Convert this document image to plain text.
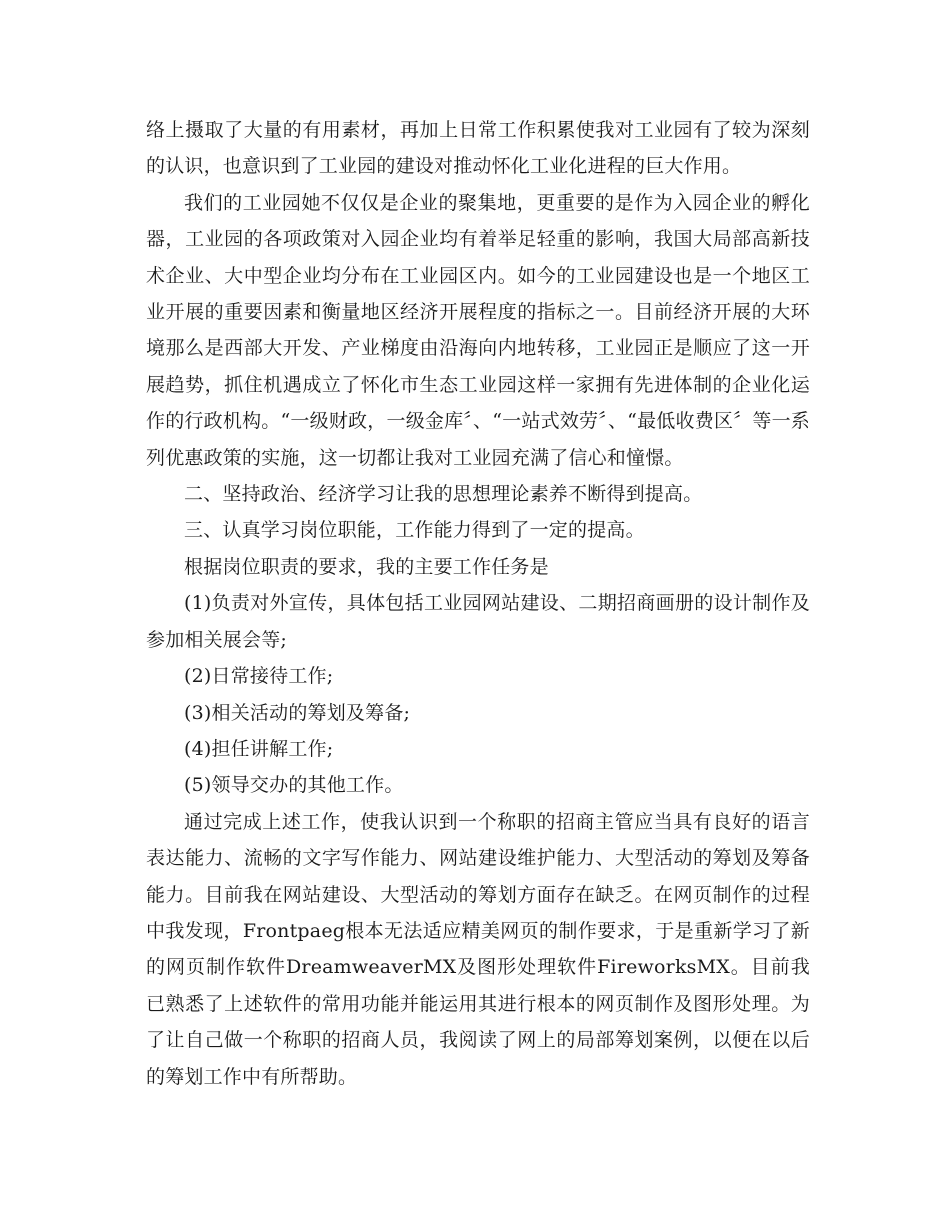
络上摄取了大量的有用素材，再加上日常工作积累使我对工业园有了较为深刻的认识，也意识到了工业园的建设对推动怀化工业化进程的巨大作用。

我们的工业园她不仅仅是企业的聚集地，更重要的是作为入园企业的孵化器，工业园的各项政策对入园企业均有着举足轻重的影响，我国大局部高新技术企业、大中型企业均分布在工业园区内。如今的工业园建设也是一个地区工业开展的重要因素和衡量地区经济开展程度的指标之一。目前经济开展的大环境那么是西部大开发、产业梯度由沿海向内地转移，工业园正是顺应了这一开展趋势，抓住机遇成立了怀化市生态工业园这样一家拥有先进体制的企业化运作的行政机构。“一级财政，一级金库〞、“一站式效劳〞、“最低收费区〞等一系列优惠政策的实施，这一切都让我对工业园充满了信心和憧憬。

二、坚持政治、经济学习让我的思想理论素养不断得到提高。

三、认真学习岗位职能，工作能力得到了一定的提高。

根据岗位职责的要求，我的主要工作任务是

(1)负责对外宣传，具体包括工业园网站建设、二期招商画册的设计制作及参加相关展会等;

(2)日常接待工作;

(3)相关活动的筹划及筹备;

(4)担任讲解工作;

(5)领导交办的其他工作。

通过完成上述工作，使我认识到一个称职的招商主管应当具有良好的语言表达能力、流畅的文字写作能力、网站建设维护能力、大型活动的筹划及筹备能力。目前我在网站建设、大型活动的筹划方面存在缺乏。在网页制作的过程中我发现，Frontpaeg根本无法适应精美网页的制作要求，于是重新学习了新的网页制作软件DreamweaverMX及图形处理软件FireworksMX。目前我已熟悉了上述软件的常用功能并能运用其进行根本的网页制作及图形处理。为了让自己做一个称职的招商人员，我阅读了网上的局部筹划案例，以便在以后的筹划工作中有所帮助。
